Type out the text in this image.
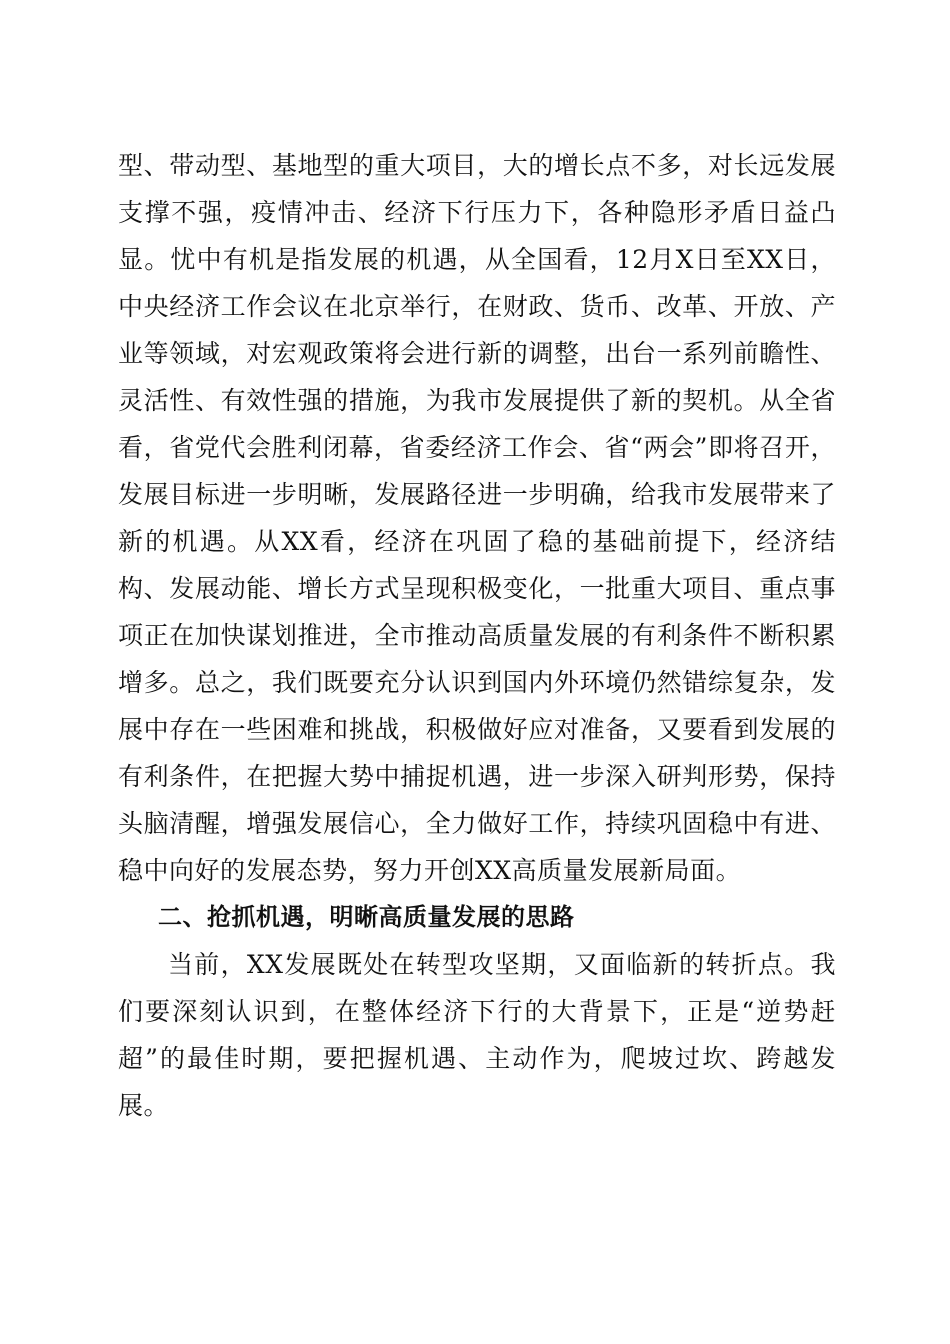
型、带动型、基地型的重大项目，大的增长点不多，对长远发展支撑不强，疫情冲击、经济下行压力下，各种隐形矛盾日益凸显。忧中有机是指发展的机遇，从全国看，12月X日至XX日，中央经济工作会议在北京举行，在财政、货币、改革、开放、产业等领域，对宏观政策将会进行新的调整，出台一系列前瞻性、灵活性、有效性强的措施，为我市发展提供了新的契机。从全省看，省党代会胜利闭幕，省委经济工作会、省“两会”即将召开，发展目标进一步明晰，发展路径进一步明确，给我市发展带来了新的机遇。从XX看，经济在巩固了稳的基础前提下，经济结构、发展动能、增长方式呈现积极变化，一批重大项目、重点事项正在加快谋划推进，全市推动高质量发展的有利条件不断积累增多。总之，我们既要充分认识到国内外环境仍然错综复杂，发展中存在一些困难和挑战，积极做好应对准备，又要看到发展的有利条件，在把握大势中捕捉机遇，进一步深入研判形势，保持头脑清醒，增强发展信心，全力做好工作，持续巩固稳中有进、稳中向好的发展态势，努力开创XX高质量发展新局面。

二、抢抓机遇，明晰高质量发展的思路

当前，XX发展既处在转型攻坚期，又面临新的转折点。我们要深刻认识到，在整体经济下行的大背景下，正是“逆势赶超”的最佳时期，要把握机遇、主动作为，爬坡过坎、跨越发展。
